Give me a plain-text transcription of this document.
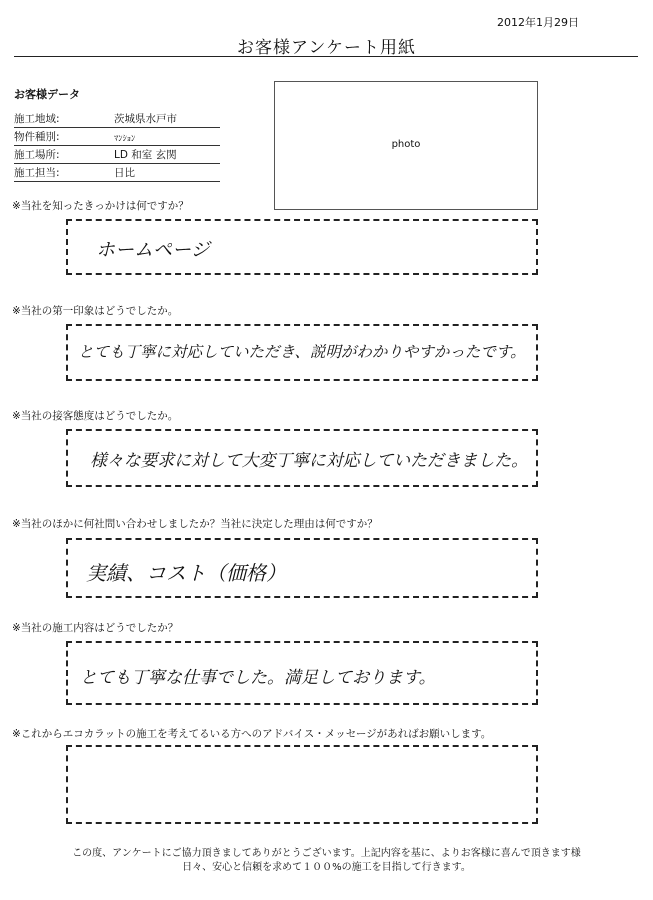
2012年1月29日
お客様アンケート用紙
お客様データ
施工地域:	茨城県水戸市
物件種別:	ﾏﾝｼｮﾝ
施工場所:	LD 和室 玄関
施工担当:	日比
photo
※当社を知ったきっかけは何ですか？
ホームページ
※当社の第一印象はどうでしたか。
とても丁寧に対応していただき、説明がわかりやすかったです。
※当社の接客態度はどうでしたか。
様々な要求に対して大変丁寧に対応していただきました。
※当社のほかに何社問い合わせしましたか？当社に決定した理由は何ですか？
実績、コスト（価格）
※当社の施工内容はどうでしたか？
とても丁寧な仕事でした。満足しております。
※これからエコカラットの施工を考えてるいる方へのアドバイス・メッセージがあればお願いします。
この度、アンケートにご協力頂きましてありがとうございます。上記内容を基に、よりお客様に喜んで頂きます様
日々、安心と信頼を求めて１００%の施工を目指して行きます。
